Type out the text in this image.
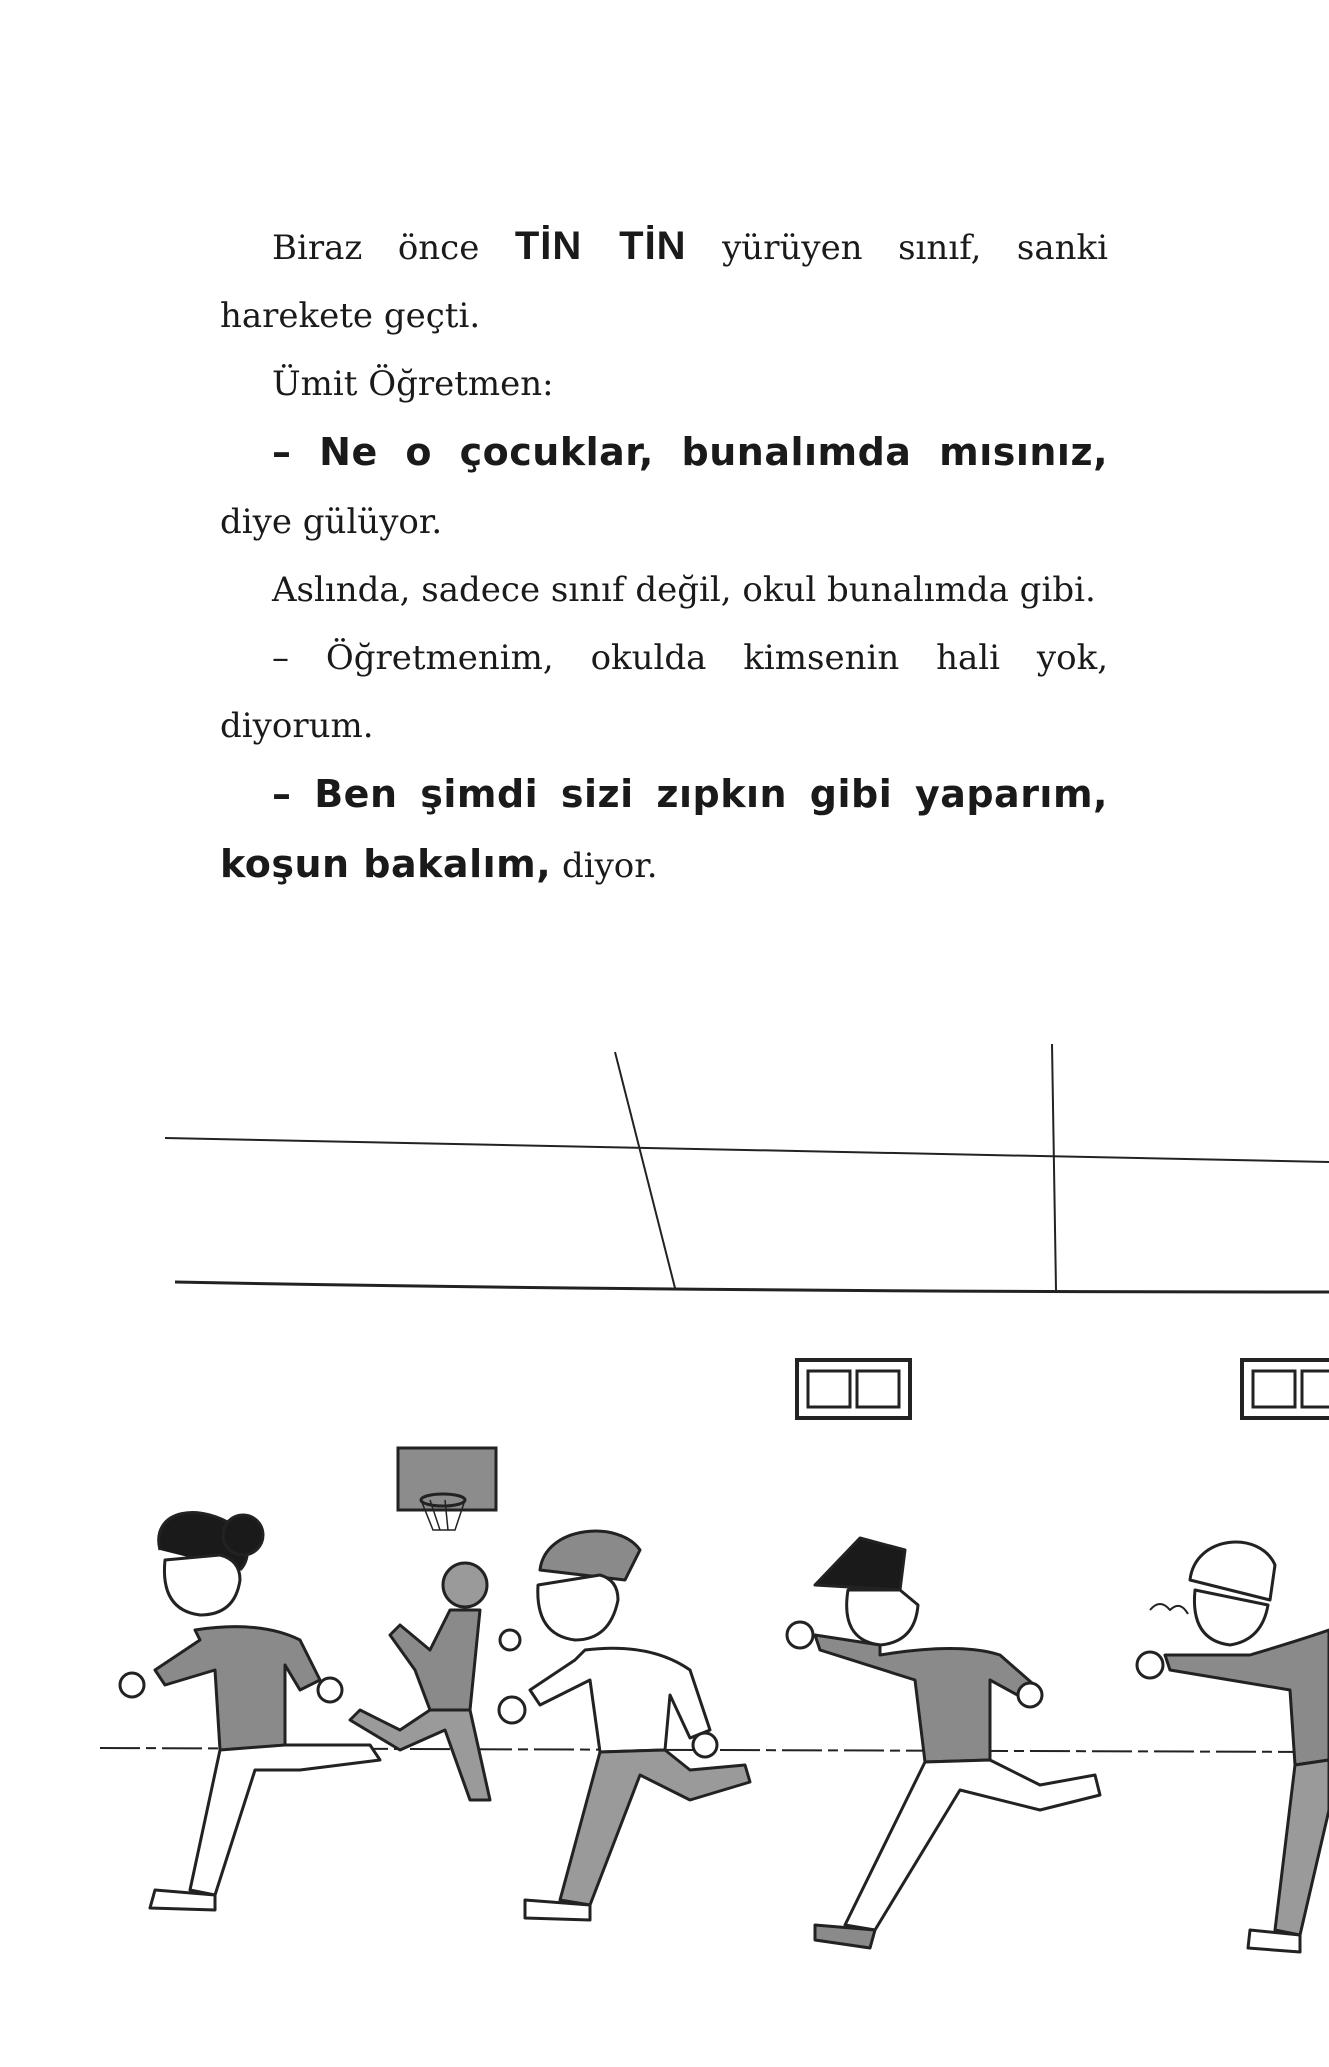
Biraz önce TİN TİN yürüyen sınıf, sanki harekete geçti.

Ümit Öğretmen:

– Ne o çocuklar, bunalımda mısınız, diye gülüyor.

Aslında, sadece sınıf değil, okul bunalımda gibi.

– Öğretmenim, okulda kimsenin hali yok, diyorum.

– Ben şimdi sizi zıpkın gibi yaparım, koşun bakalım, diyor.
